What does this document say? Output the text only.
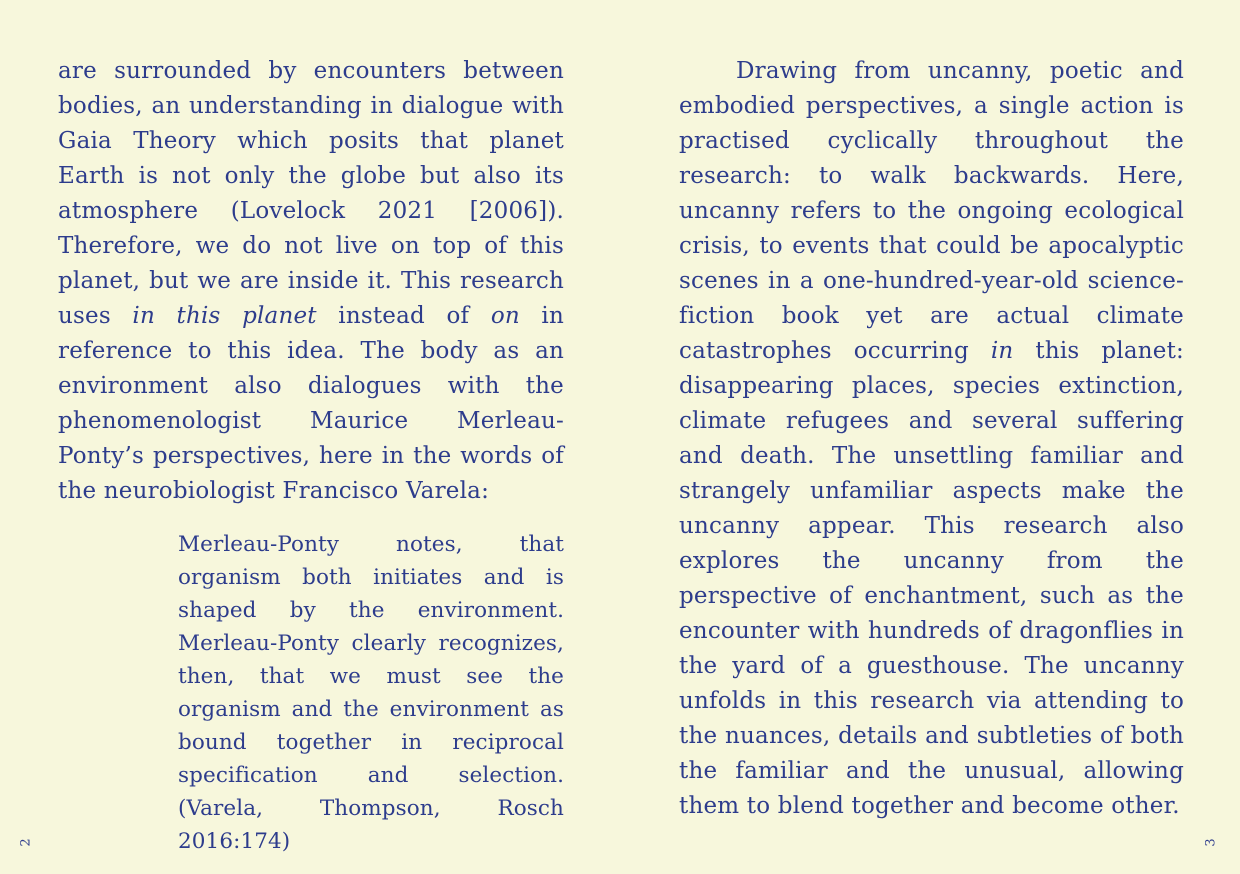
are surrounded by encounters between bodies, an understanding in dialogue with Gaia Theory which posits that planet Earth is not only the globe but also its atmosphere (Lovelock 2021 [2006]). Therefore, we do not live on top of this planet, but we are inside it. This research uses in this planet instead of on in reference to this idea. The body as an environment also dialogues with the phenomenologist Maurice Merleau-Ponty’s perspectives, here in the words of the neurobiologist Francisco Varela:

Merleau-Ponty notes, that organism both initiates and is shaped by the environment. Merleau-Ponty clearly recognizes, then, that we must see the organism and the environment as bound together in reciprocal specification and selection. (Varela, Thompson, Rosch 2016:174)

Drawing from uncanny, poetic and embodied perspectives, a single action is practised cyclically throughout the research: to walk backwards. Here, uncanny refers to the ongoing ecological crisis, to events that could be apocalyptic scenes in a one-hundred-year-old science-fiction book yet are actual climate catastrophes occurring in this planet: disappearing places, species extinction, climate refugees and several suffering and death. The unsettling familiar and strangely unfamiliar aspects make the uncanny appear. This research also explores the uncanny from the perspective of enchantment, such as the encounter with hundreds of dragonflies in the yard of a guesthouse. The uncanny unfolds in this research via attending to the nuances, details and subtleties of both the familiar and the unusual, allowing them to blend together and become other.

2	3
